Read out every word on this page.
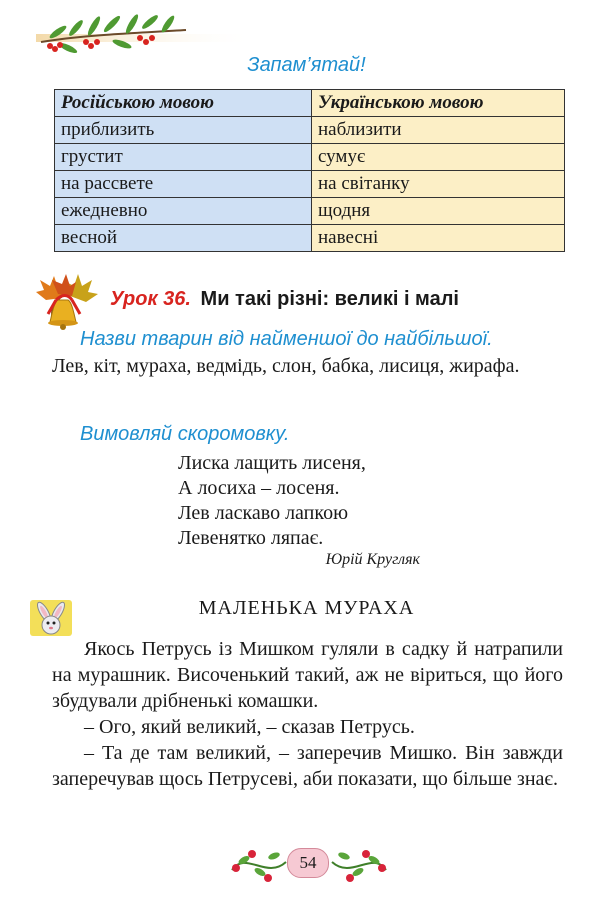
Запам’ятай!
Російською мовою	Українською мовою
приблизить	наблизити
грустит	сумує
на рассвете	на світанку
ежедневно	щодня
весной	навесні
Урок 36. Ми такі різні: великі і малі
Назви тварин від найменшої до найбільшої.
Лев, кіт, мураха, ведмідь, слон, бабка, лисиця, жирафа.
Вимовляй скоромовку.
Лиска лащить лисеня,
А лосиха – лосеня.
Лев ласкаво лапкою
Левенятко ляпає.
Юрій Кругляк
МАЛЕНЬКА МУРАХА

Якось Петрусь із Мишком гуляли в садку й натрапили на мурашник. Височенький такий, аж не віриться, що його збудували дрібненькі комашки.

– Ого, який великий, – сказав Петрусь.

– Та де там великий, – заперечив Мишко. Він завжди заперечував щось Петрусеві, аби показати, що більше знає.

54
